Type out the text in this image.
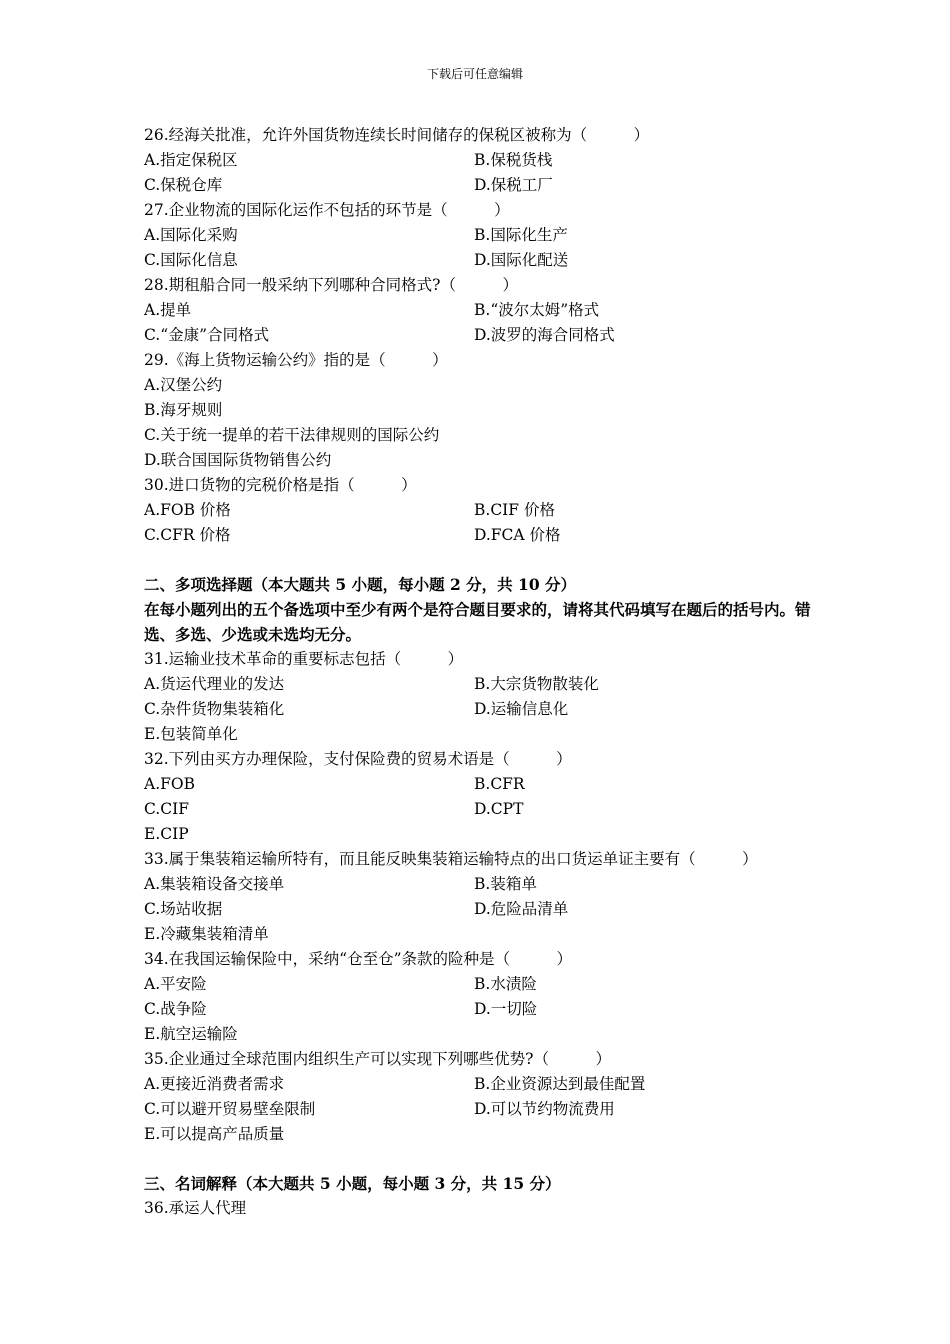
下载后可任意编辑
26.经海关批准，允许外国货物连续长时间储存的保税区被称为（　　　）
A.指定保税区	B.保税货栈
C.保税仓库	D.保税工厂
27.企业物流的国际化运作不包括的环节是（　　　）
A.国际化采购	B.国际化生产
C.国际化信息	D.国际化配送
28.期租船合同一般采纳下列哪种合同格式?（　　　）
A.提单	B.“波尔太姆”格式
C.“金康”合同格式	D.波罗的海合同格式
29.《海上货物运输公约》指的是（　　　）
A.汉堡公约
B.海牙规则
C.关于统一提单的若干法律规则的国际公约
D.联合国国际货物销售公约
30.进口货物的完税价格是指（　　　）
A.FOB 价格	B.CIF 价格
C.CFR 价格	D.FCA 价格
二、多项选择题（本大题共 5 小题，每小题 2 分，共 10 分）
在每小题列出的五个备选项中至少有两个是符合题目要求的，请将其代码填写在题后的括号内。错选、多选、少选或未选均无分。
31.运输业技术革命的重要标志包括（　　　）
A.货运代理业的发达	B.大宗货物散装化
C.杂件货物集装箱化	D.运输信息化
E.包装简单化
32.下列由买方办理保险，支付保险费的贸易术语是（　　　）
A.FOB	B.CFR
C.CIF	D.CPT
E.CIP
33.属于集装箱运输所特有，而且能反映集装箱运输特点的出口货运单证主要有（　　　）
A.集装箱设备交接单	B.装箱单
C.场站收据	D.危险品清单
E.冷藏集装箱清单
34.在我国运输保险中，采纳“仓至仓”条款的险种是（　　　）
A.平安险	B.水渍险
C.战争险	D.一切险
E.航空运输险
35.企业通过全球范围内组织生产可以实现下列哪些优势?（　　　）
A.更接近消费者需求	B.企业资源达到最佳配置
C.可以避开贸易壁垒限制	D.可以节约物流费用
E.可以提高产品质量
三、名词解释（本大题共 5 小题，每小题 3 分，共 15 分）
36.承运人代理
